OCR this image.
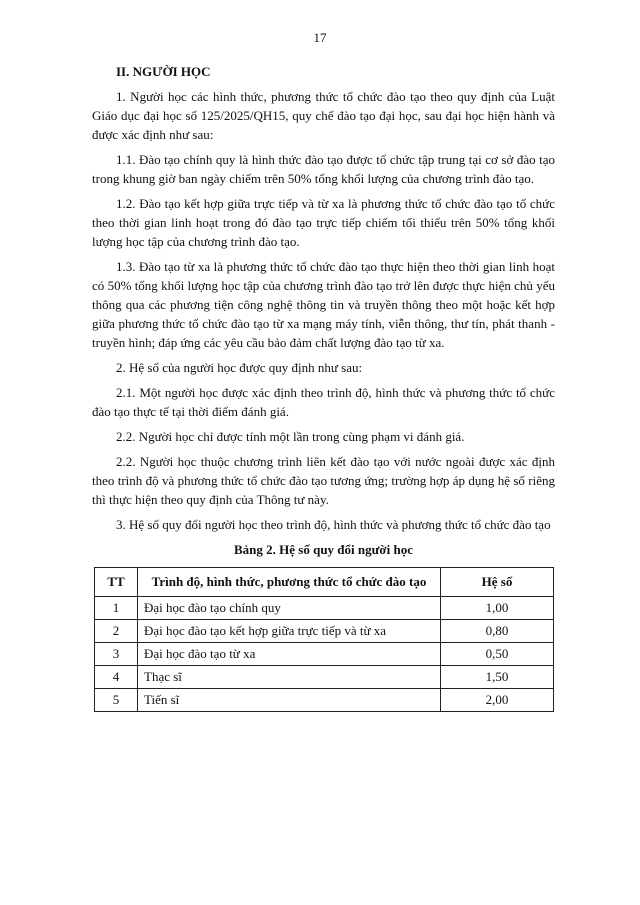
17

II. NGƯỜI HỌC

1. Người học các hình thức, phương thức tổ chức đào tạo theo quy định của Luật Giáo dục đại học số 125/2025/QH15, quy chế đào tạo đại học, sau đại học hiện hành và được xác định như sau:

1.1. Đào tạo chính quy là hình thức đào tạo được tổ chức tập trung tại cơ sở đào tạo trong khung giờ ban ngày chiếm trên 50% tổng khối lượng của chương trình đào tạo.

1.2. Đào tạo kết hợp giữa trực tiếp và từ xa là phương thức tổ chức đào tạo tổ chức theo thời gian linh hoạt trong đó đào tạo trực tiếp chiếm tối thiểu trên 50% tổng khối lượng học tập của chương trình đào tạo.

1.3. Đào tạo từ xa là phương thức tổ chức đào tạo thực hiện theo thời gian linh hoạt có 50% tổng khối lượng học tập của chương trình đào tạo trở lên được thực hiện chủ yếu thông qua các phương tiện công nghệ thông tin và truyền thông theo một hoặc kết hợp giữa phương thức tổ chức đào tạo từ xa mạng máy tính, viễn thông, thư tín, phát thanh - truyền hình; đáp ứng các yêu cầu bảo đảm chất lượng đào tạo từ xa.

2. Hệ số của người học được quy định như sau:

2.1. Một người học được xác định theo trình độ, hình thức và phương thức tổ chức đào tạo thực tế tại thời điểm đánh giá.

2.2. Người học chỉ được tính một lần trong cùng phạm vi đánh giá.

2.2. Người học thuộc chương trình liên kết đào tạo với nước ngoài được xác định theo trình độ và phương thức tổ chức đào tạo tương ứng; trường hợp áp dụng hệ số riêng thì thực hiện theo quy định của Thông tư này.

3. Hệ số quy đổi người học theo trình độ, hình thức và phương thức tổ chức đào tạo

Bảng 2. Hệ số quy đổi người học

TT	Trình độ, hình thức, phương thức tổ chức đào tạo	Hệ số
1	Đại học đào tạo chính quy	1,00
2	Đại học đào tạo kết hợp giữa trực tiếp và từ xa	0,80
3	Đại học đào tạo từ xa	0,50
4	Thạc sĩ	1,50
5	Tiến sĩ	2,00
